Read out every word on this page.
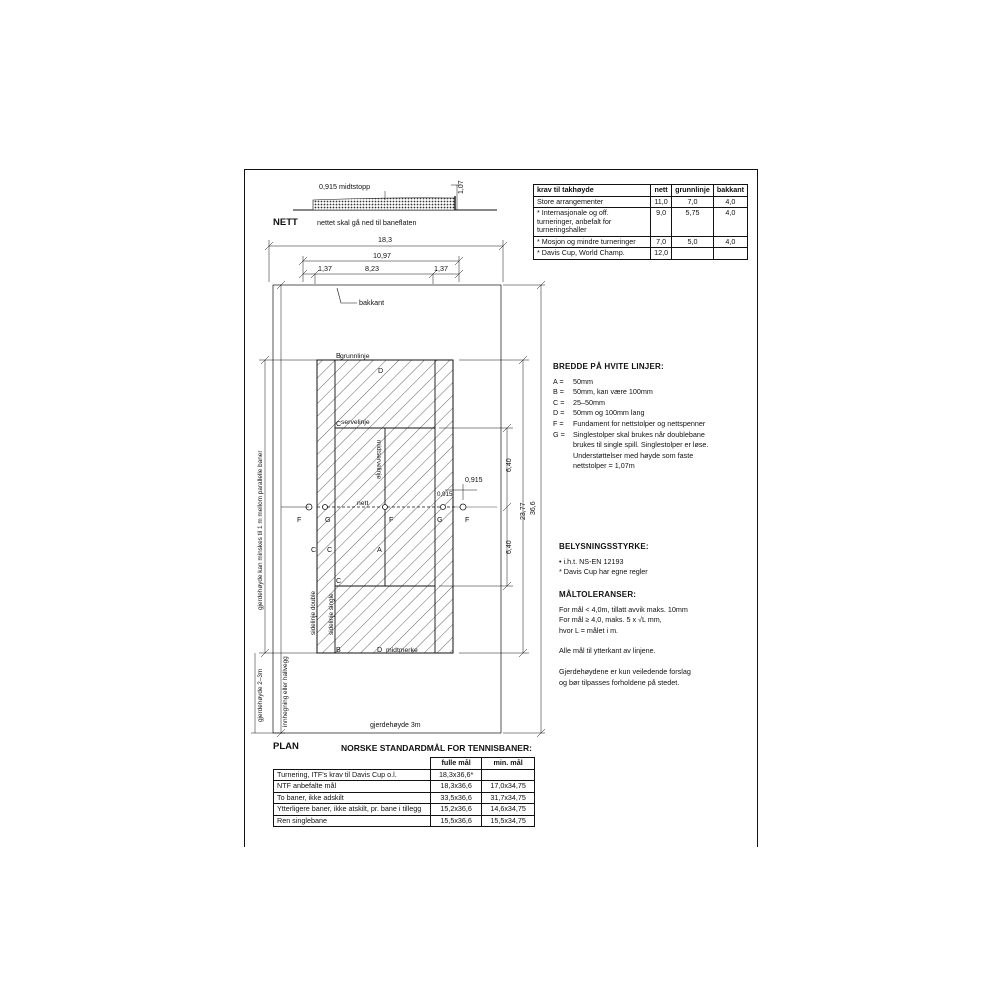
0,915 midtstopp	1,07
NETT	nettet skal gå ned til baneflaten
18,3
10,97
1,37	8,23	1,37
bakkant
B
D
C
G	G
F
F	F
C C	A
C
B	D
grunnlinje
servelinje
midtservelinje
nett
midtmerke
sidelinje double sidelinje single
0,915
0,915
6,40
6,40
23,77 36,6
gjerdehøyde kan minskes til 1 m mellom parallelle baner
gjerdehøyde 2–3m	innhegning eller hallvegg	gjerdehøyde 3m
PLAN
krav til takhøyde	nett	grunnlinje	bakkant
Store arrangementer	11,0	7,0	4,0
* Internasjonale og off. turneringer, anbefalt for turneringshaller	9,0	5,75	4,0
* Mosjon og mindre turneringer	7,0	5,0	4,0
* Davis Cup, World Champ.	12,0		
BREDDE PÅ HVITE LINJER:
A =	50mm
B =	50mm, kan være 100mm
C =	25–50mm
D =	50mm og 100mm lang
F =	Fundament for nettstolper og nettspenner
G =	Singlestolper skal brukes når doublebane brukes til single spill. Singlestolper er løse. Understøttelser med høyde som faste nettstolper = 1,07m
BELYSNINGSSTYRKE:
• i.h.t. NS-EN 12193
* Davis Cup har egne regler
MÅLTOLERANSER:
For mål < 4,0m, tillatt avvik maks. 10mm
For mål ≥ 4,0, maks. 5 x √L mm,
hvor L = målet i m.
Alle mål til ytterkant av linjene.
Gjerdehøydene er kun veiledende forslag og bør tilpasses forholdene på stedet.
NORSKE STANDARDMÅL FOR TENNISBANER:
	fulle mål	min. mål
Turnering, ITF's krav til Davis Cup o.l.	18,3x36,6*	
NTF anbefalte mål	18,3x36,6	17,0x34,75
To baner, ikke adskilt	33,5x36,6	31,7x34,75
Ytterligere baner, ikke atskilt, pr. bane i tillegg	15,2x36,6	14,6x34,75
Ren singlebane	15,5x36,6	15,5x34,75
